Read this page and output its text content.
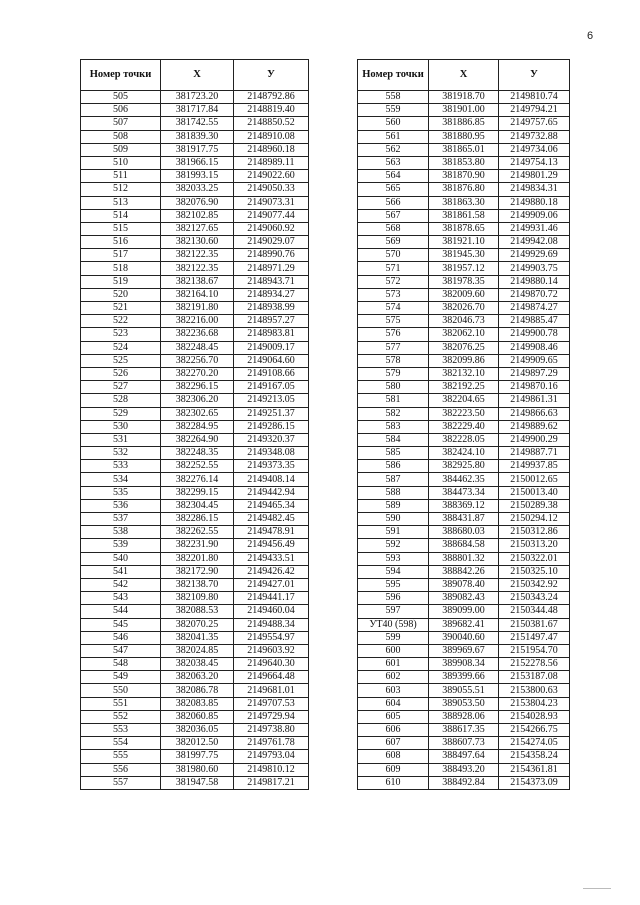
6
Номер точки	Х	У
505	381723.20	2148792.86
506	381717.84	2148819.40
507	381742.55	2148850.52
508	381839.30	2148910.08
509	381917.75	2148960.18
510	381966.15	2148989.11
511	381993.15	2149022.60
512	382033.25	2149050.33
513	382076.90	2149073.31
514	382102.85	2149077.44
515	382127.65	2149060.92
516	382130.60	2149029.07
517	382122.35	2148990.76
518	382122.35	2148971.29
519	382138.67	2148943.71
520	382164.10	2148934.27
521	382191.80	2148938.99
522	382216.00	2148957.27
523	382236.68	2148983.81
524	382248.45	2149009.17
525	382256.70	2149064.60
526	382270.20	2149108.66
527	382296.15	2149167.05
528	382306.20	2149213.05
529	382302.65	2149251.37
530	382284.95	2149286.15
531	382264.90	2149320.37
532	382248.35	2149348.08
533	382252.55	2149373.35
534	382276.14	2149408.14
535	382299.15	2149442.94
536	382304.45	2149465.34
537	382286.15	2149482.45
538	382262.55	2149478.91
539	382231.90	2149456.49
540	382201.80	2149433.51
541	382172.90	2149426.42
542	382138.70	2149427.01
543	382109.80	2149441.17
544	382088.53	2149460.04
545	382070.25	2149488.34
546	382041.35	2149554.97
547	382024.85	2149603.92
548	382038.45	2149640.30
549	382063.20	2149664.48
550	382086.78	2149681.01
551	382083.85	2149707.53
552	382060.85	2149729.94
553	382036.05	2149738.80
554	382012.50	2149761.78
555	381997.75	2149793.04
556	381980.60	2149810.12
557	381947.58	2149817.21
Номер точки	Х	У
558	381918.70	2149810.74
559	381901.00	2149794.21
560	381886.85	2149757.65
561	381880.95	2149732.88
562	381865.01	2149734.06
563	381853.80	2149754.13
564	381870.90	2149801.29
565	381876.80	2149834.31
566	381863.30	2149880.18
567	381861.58	2149909.06
568	381878.65	2149931.46
569	381921.10	2149942.08
570	381945.30	2149929.69
571	381957.12	2149903.75
572	381978.35	2149880.14
573	382009.60	2149870.72
574	382026.70	2149874.27
575	382046.73	2149885.47
576	382062.10	2149900.78
577	382076.25	2149908.46
578	382099.86	2149909.65
579	382132.10	2149897.29
580	382192.25	2149870.16
581	382204.65	2149861.31
582	382223.50	2149866.63
583	382229.40	2149889.62
584	382228.05	2149900.29
585	382424.10	2149887.71
586	382925.80	2149937.85
587	384462.35	2150012.65
588	384473.34	2150013.40
589	388369.12	2150289.38
590	388431.87	2150294.12
591	388680.03	2150312.86
592	388684.58	2150313.20
593	388801.32	2150322.01
594	388842.26	2150325.10
595	389078.40	2150342.92
596	389082.43	2150343.24
597	389099.00	2150344.48
УТ40 (598)	389682.41	2150381.67
599	390040.60	2151497.47
600	389969.67	2151954.70
601	389908.34	2152278.56
602	389399.66	2153187.08
603	389055.51	2153800.63
604	389053.50	2153804.23
605	388928.06	2154028.93
606	388617.35	2154266.75
607	388607.73	2154274.05
608	388497.64	2154358.24
609	388493.20	2154361.81
610	388492.84	2154373.09
